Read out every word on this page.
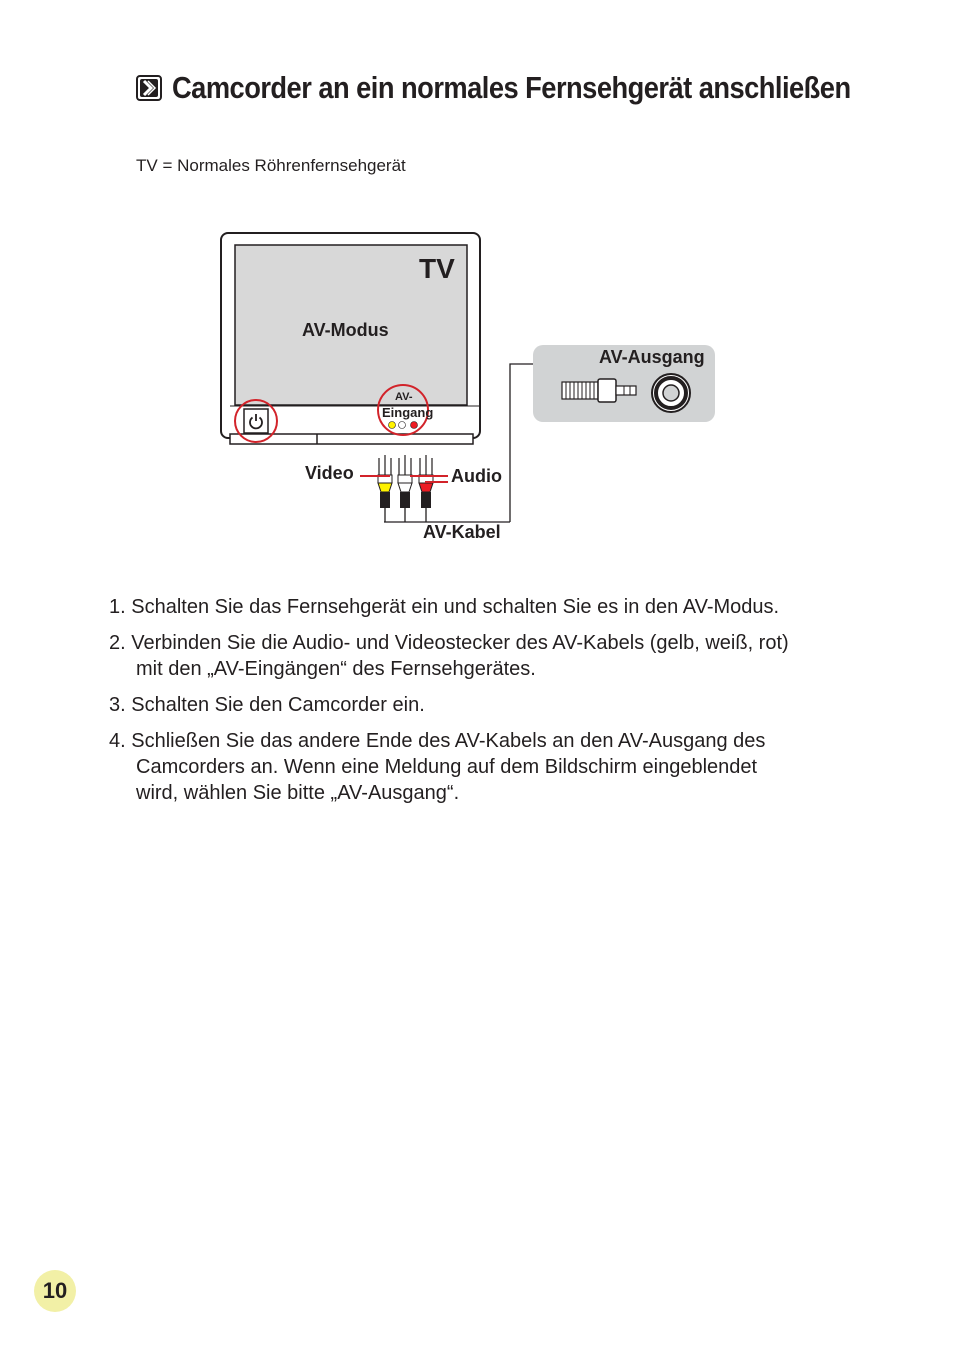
Camcorder an ein normales Fernsehgerät anschließen
TV = Normales Röhrenfernsehgerät
TV
AV-Modus
AV-
Eingang
Video	Audio
AV-Kabel
AV-Ausgang
1. Schalten Sie das Fernsehgerät ein und schalten Sie es in den AV-Modus.
2. Verbinden Sie die Audio- und Videostecker des AV-Kabels (gelb, weiß, rot)
mit den „AV-Eingängen“ des Fernsehgerätes.
3. Schalten Sie den Camcorder ein.
4. Schließen Sie das andere Ende des AV-Kabels an den AV-Ausgang des
Camcorders an. Wenn eine Meldung auf dem Bildschirm eingeblendet
wird, wählen Sie bitte „AV-Ausgang“.
10
